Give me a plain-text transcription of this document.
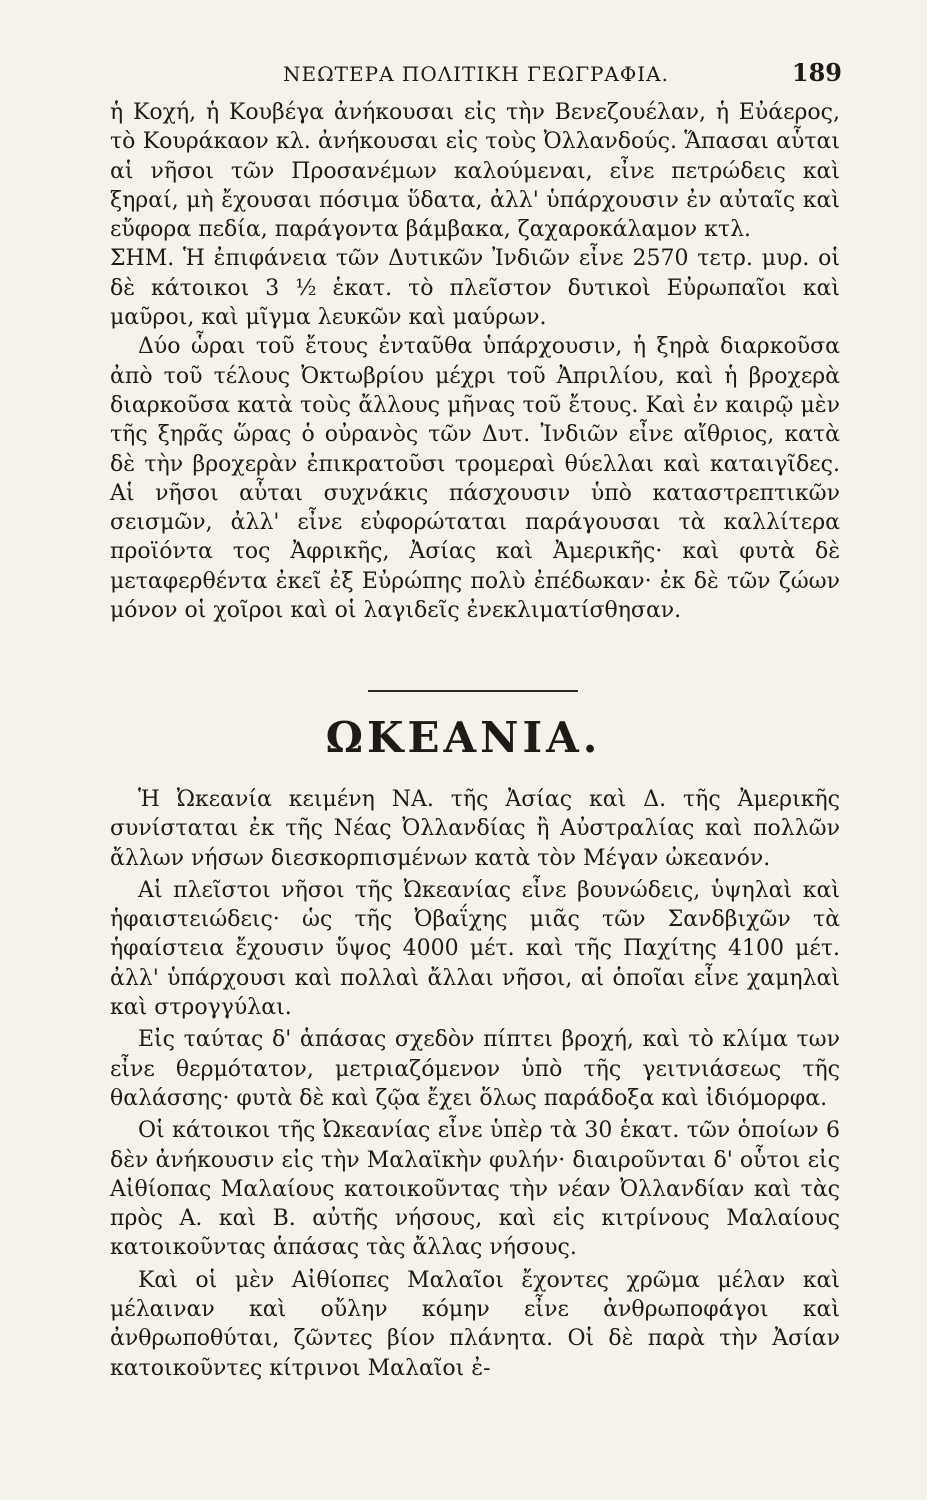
ΝΕΩΤΕΡΑ ΠΟΛΙΤΙΚΗ ΓΕΩΓΡΑΦΙΑ.	189

ἡ Κοχή, ἡ Κουβέγα ἀνήκουσαι εἰς τὴν Βενεζουέλαν, ἡ Εὐάερος, τὸ Κουράκαον κλ. ἀνήκουσαι εἰς τοὺς Ὀλλανδούς. Ἅπασαι αὗται αἱ νῆσοι τῶν Προσανέμων καλούμεναι, εἶνε πετρώδεις καὶ ξηραί, μὴ ἔχουσαι πόσιμα ὕδατα, ἀλλ' ὑπάρχουσιν ἐν αὐταῖς καὶ εὔφορα πεδία, παράγοντα βάμβακα, ζαχαροκάλαμον κτλ.

ΣΗΜ. Ἡ ἐπιφάνεια τῶν Δυτικῶν Ἰνδιῶν εἶνε 2570 τετρ. μυρ. οἱ δὲ κάτοικοι 3 ½ ἑκατ. τὸ πλεῖστον δυτικοὶ Εὐρωπαῖοι καὶ μαῦροι, καὶ μῖγμα λευκῶν καὶ μαύρων.

Δύο ὧραι τοῦ ἔτους ἐνταῦθα ὑπάρχουσιν, ἡ ξηρὰ διαρκοῦσα ἀπὸ τοῦ τέλους Ὀκτωβρίου μέχρι τοῦ Ἀπριλίου, καὶ ἡ βροχερὰ διαρκοῦσα κατὰ τοὺς ἄλλους μῆνας τοῦ ἔτους. Καὶ ἐν καιρῷ μὲν τῆς ξηρᾶς ὥρας ὁ οὐρανὸς τῶν Δυτ. Ἰνδιῶν εἶνε αἴθριος, κατὰ δὲ τὴν βροχερὰν ἐπικρατοῦσι τρομεραὶ θύελλαι καὶ καταιγῖδες. Αἱ νῆσοι αὗται συχνάκις πάσχουσιν ὑπὸ καταστρεπτικῶν σεισμῶν, ἀλλ' εἶνε εὐφορώταται παράγουσαι τὰ καλλίτερα προϊόντα τος Ἀφρικῆς, Ἀσίας καὶ Ἀμερικῆς· καὶ φυτὰ δὲ μεταφερθέντα ἐκεῖ ἐξ Εὐρώπης πολὺ ἐπέδωκαν· ἐκ δὲ τῶν ζώων μόνον οἱ χοῖροι καὶ οἱ λαγιδεῖς ἐνεκλιματίσθησαν.

ΩΚΕΑΝΙΑ.

Ἡ Ὠκεανία κειμένη ΝΑ. τῆς Ἀσίας καὶ Δ. τῆς Ἀμερικῆς συνίσταται ἐκ τῆς Νέας Ὀλλανδίας ἢ Αὐστραλίας καὶ πολλῶν ἄλλων νήσων διεσκορπισμένων κατὰ τὸν Μέγαν ὠκεανόν.

Αἱ πλεῖστοι νῆσοι τῆς Ὠκεανίας εἶνε βουνώδεις, ὑψηλαὶ καὶ ἡφαιστειώδεις· ὡς τῆς Ὀβαΐχης μιᾶς τῶν Σανδβιχῶν τὰ ἡφαίστεια ἔχουσιν ὕψος 4000 μέτ. καὶ τῆς Παχίτης 4100 μέτ. ἀλλ' ὑπάρχουσι καὶ πολλαὶ ἄλλαι νῆσοι, αἱ ὁποῖαι εἶνε χαμηλαὶ καὶ στρογγύλαι.

Εἰς ταύτας δ' ἁπάσας σχεδὸν πίπτει βροχή, καὶ τὸ κλίμα των εἶνε θερμότατον, μετριαζόμενον ὑπὸ τῆς γειτνιάσεως τῆς θαλάσσης· φυτὰ δὲ καὶ ζῷα ἔχει ὅλως παράδοξα καὶ ἰδιόμορφα.

Οἱ κάτοικοι τῆς Ὠκεανίας εἶνε ὑπὲρ τὰ 30 ἑκατ. τῶν ὁποίων 6 δὲν ἀνήκουσιν εἰς τὴν Μαλαϊκὴν φυλήν· διαιροῦνται δ' οὗτοι εἰς Αἰθίοπας Μαλαίους κατοικοῦντας τὴν νέαν Ὀλλανδίαν καὶ τὰς πρὸς Α. καὶ Β. αὐτῆς νήσους, καὶ εἰς κιτρίνους Μαλαίους κατοικοῦντας ἁπάσας τὰς ἄλλας νήσους.

Καὶ οἱ μὲν Αἰθίοπες Μαλαῖοι ἔχοντες χρῶμα μέλαν καὶ μέλαιναν καὶ οὔλην κόμην εἶνε ἀνθρωποφάγοι καὶ ἀνθρωποθύται, ζῶντες βίον πλάνητα. Οἱ δὲ παρὰ τὴν Ἀσίαν κατοικοῦντες κίτρινοι Μαλαῖοι ἐ-
